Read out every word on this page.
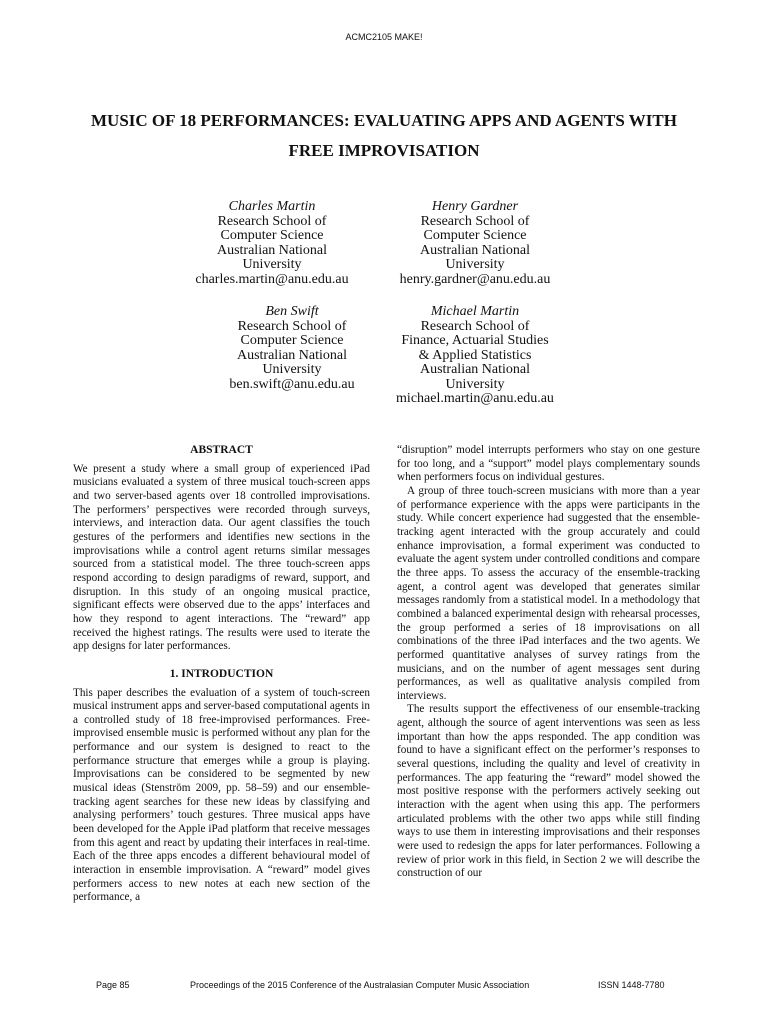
ACMC2105 MAKE!
MUSIC OF 18 PERFORMANCES: EVALUATING APPS AND AGENTS WITH
FREE IMPROVISATION
Charles Martin
Research School of
Computer Science
Australian National
University
charles.martin@anu.edu.au
Henry Gardner
Research School of
Computer Science
Australian National
University
henry.gardner@anu.edu.au
Ben Swift
Research School of
Computer Science
Australian National
University
ben.swift@anu.edu.au
Michael Martin
Research School of
Finance, Actuarial Studies
& Applied Statistics
Australian National
University
michael.martin@anu.edu.au
ABSTRACT

We present a study where a small group of experienced iPad musicians evaluated a system of three musical touch-screen apps and two server-based agents over 18 controlled improvisations. The performers’ perspectives were recorded through surveys, interviews, and interaction data. Our agent classifies the touch gestures of the performers and identifies new sections in the improvisations while a control agent returns similar messages sourced from a statistical model. The three touch-screen apps respond according to design paradigms of reward, support, and disruption. In this study of an ongoing musical practice, significant effects were observed due to the apps’ interfaces and how they respond to agent interactions. The “reward” app received the highest ratings. The results were used to iterate the app designs for later performances.

1. INTRODUCTION

This paper describes the evaluation of a system of touch-screen musical instrument apps and server-based computational agents in a controlled study of 18 free-improvised performances. Free-improvised ensemble music is performed without any plan for the performance and our system is designed to react to the performance structure that emerges while a group is playing. Improvisations can be considered to be segmented by new musical ideas (Stenström 2009, pp. 58–59) and our ensemble-tracking agent searches for these new ideas by classifying and analysing performers’ touch gestures. Three musical apps have been developed for the Apple iPad platform that receive messages from this agent and react by updating their interfaces in real-time. Each of the three apps encodes a different behavioural model of interaction in ensemble improvisation. A “reward” model gives performers access to new notes at each new section of the performance, a

“disruption” model interrupts performers who stay on one gesture for too long, and a “support” model plays complementary sounds when performers focus on individual gestures.

A group of three touch-screen musicians with more than a year of performance experience with the apps were participants in the study. While concert experience had suggested that the ensemble-tracking agent interacted with the group accurately and could enhance improvisation, a formal experiment was conducted to evaluate the agent system under controlled conditions and compare the three apps. To assess the accuracy of the ensemble-tracking agent, a control agent was developed that generates similar messages randomly from a statistical model. In a methodology that combined a balanced experimental design with rehearsal processes, the group performed a series of 18 improvisations on all combinations of the three iPad interfaces and the two agents. We performed quantitative analyses of survey ratings from the musicians, and on the number of agent messages sent during performances, as well as qualitative analysis compiled from interviews.

The results support the effectiveness of our ensemble-tracking agent, although the source of agent interventions was seen as less important than how the apps responded. The app condition was found to have a significant effect on the performer’s responses to several questions, including the quality and level of creativity in performances. The app featuring the “reward” model showed the most positive response with the performers actively seeking out interaction with the agent when using this app. The performers articulated problems with the other two apps while still finding ways to use them in interesting improvisations and their responses were used to redesign the apps for later performances. Following a review of prior work in this field, in Section 2 we will describe the construction of our

Page 85	Proceedings of the 2015 Conference of the Australasian Computer Music Association	ISSN 1448-7780
